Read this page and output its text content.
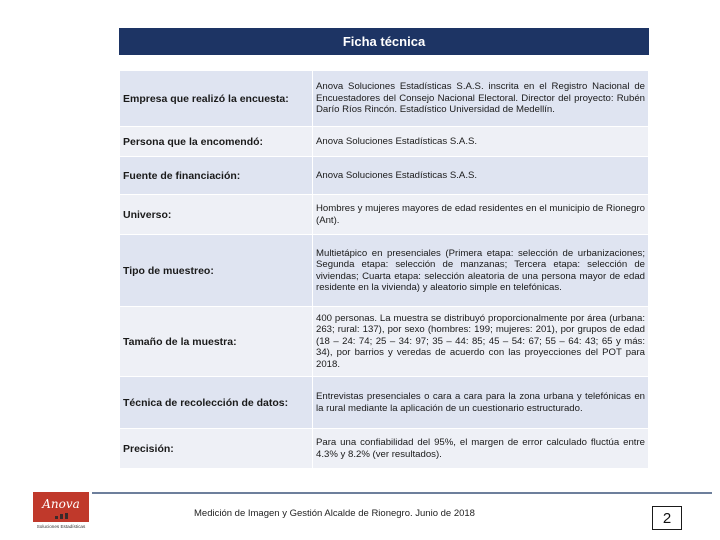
Ficha técnica
Empresa que realizó la encuesta:	Anova Soluciones Estadísticas S.A.S. inscrita en el Registro Nacional de Encuestadores del Consejo Nacional Electoral. Director del proyecto: Rubén Darío Ríos Rincón. Estadístico Universidad de Medellín.
Persona que la encomendó:	Anova Soluciones Estadísticas S.A.S.
Fuente de financiación:	Anova Soluciones Estadísticas S.A.S.
Universo:	Hombres y mujeres mayores de edad residentes en el municipio de Rionegro (Ant).
Tipo de muestreo:	Multietápico en presenciales (Primera etapa: selección de urbanizaciones; Segunda etapa: selección de manzanas; Tercera etapa: selección de viviendas; Cuarta etapa: selección aleatoria de una persona mayor de edad residente en la vivienda) y aleatorio simple en telefónicas.
Tamaño de la muestra:	400 personas. La muestra se distribuyó proporcionalmente por área (urbana: 263; rural: 137), por sexo (hombres: 199; mujeres: 201), por grupos de edad (18 – 24: 74; 25 – 34: 97; 35 – 44: 85; 45 – 54: 67; 55 – 64: 43; 65 y más: 34), por barrios y veredas de acuerdo con las proyecciones del POT para 2018.
Técnica de recolección de datos:	Entrevistas presenciales o cara a cara para la zona urbana y telefónicas en la rural mediante la aplicación de un cuestionario estructurado.
Precisión:	Para una confiabilidad del 95%, el margen de error calculado fluctúa entre 4.3% y 8.2% (ver resultados).
Anova
Soluciones Estadísticas
Medición de Imagen y Gestión Alcalde de Rionegro. Junio de 2018	2
